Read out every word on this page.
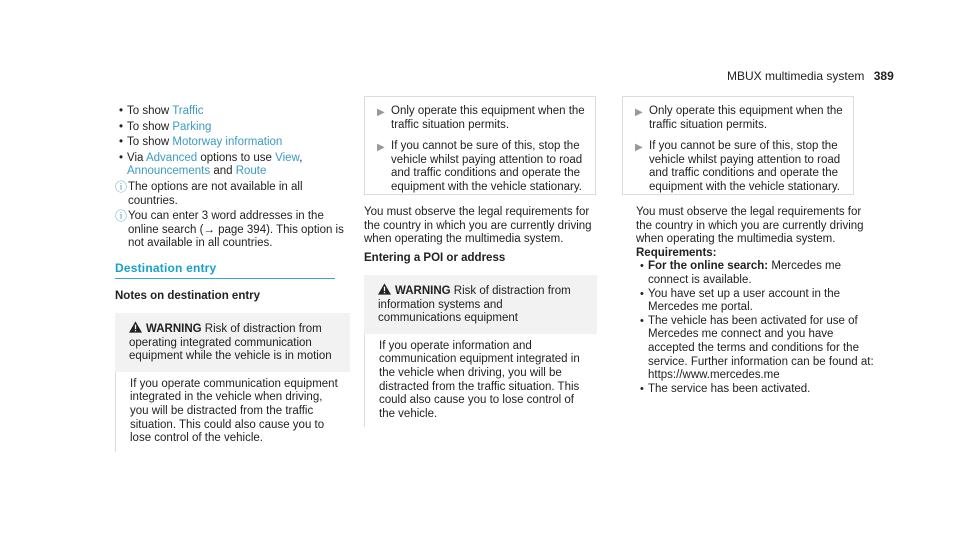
MBUX multimedia system 389
• To show Traffic
• To show Parking
• To show Motorway information
• Via Advanced options to use View,
Announcements and Route
ⓘ The options are not available in all countries.
ⓘ You can enter 3 word addresses in the online search (→ page 394). This option is not available in all countries.
Destination entry
Notes on destination entry
WARNING Risk of distraction from operating integrated communication equipment while the vehicle is in motion
If you operate communication equipment integrated in the vehicle when driving, you will be distracted from the traffic situation. This could also cause you to lose control of the vehicle.
▶ Only operate this equipment when the traffic situation permits.
▶ If you cannot be sure of this, stop the vehicle whilst paying attention to road and traffic conditions and operate the equipment with the vehicle stationary.
You must observe the legal requirements for the country in which you are currently driving when operating the multimedia system.
Entering a POI or address
WARNING Risk of distraction from information systems and communications equipment
If you operate information and communication equipment integrated in the vehicle when driving, you will be distracted from the traffic situation. This could also cause you to lose control of the vehicle.
▶ Only operate this equipment when the traffic situation permits.
▶ If you cannot be sure of this, stop the vehicle whilst paying attention to road and traffic conditions and operate the equipment with the vehicle stationary.
You must observe the legal requirements for the country in which you are currently driving when operating the multimedia system.
Requirements:
• For the online search: Mercedes me connect is available.
• You have set up a user account in the Mercedes me portal.
• The vehicle has been activated for use of Mercedes me connect and you have accepted the terms and conditions for the service. Further information can be found at: https://www.mercedes.me
• The service has been activated.
